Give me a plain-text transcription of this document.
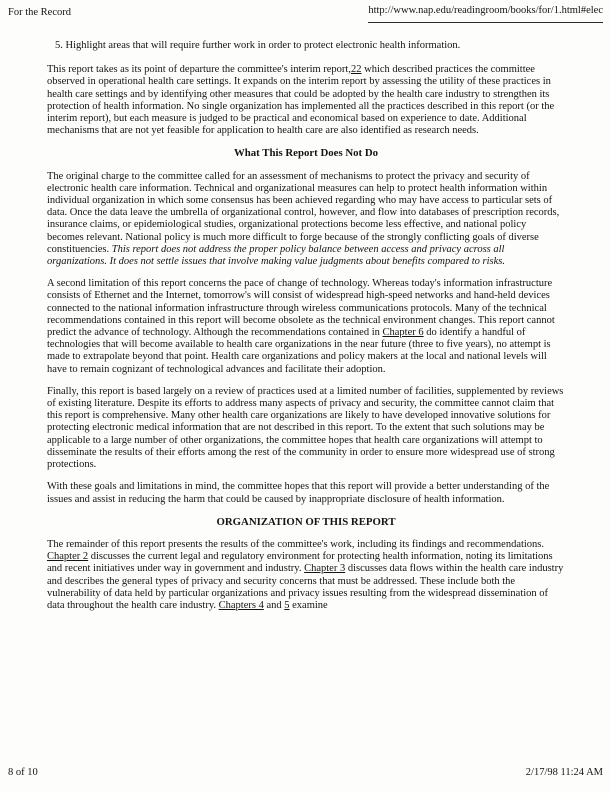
For the Record	http://www.nap.edu/readingroom/books/for/1.html#elec

5. Highlight areas that will require further work in order to protect electronic health information.

This report takes as its point of departure the committee's interim report,22 which described practices the committee observed in operational health care settings. It expands on the interim report by assessing the utility of these practices in health care settings and by identifying other measures that could be adopted by the health care industry to strengthen its protection of health information. No single organization has implemented all the practices described in this report (or the interim report), but each measure is judged to be practical and economical based on experience to date. Additional mechanisms that are not yet feasible for application to health care are also identified as research needs.

What This Report Does Not Do

The original charge to the committee called for an assessment of mechanisms to protect the privacy and security of electronic health care information. Technical and organizational measures can help to protect health information within individual organization in which some consensus has been achieved regarding who may have access to particular sets of data. Once the data leave the umbrella of organizational control, however, and flow into databases of prescription records, insurance claims, or epidemiological studies, organizational protections become less effective, and national policy becomes relevant. National policy is much more difficult to forge because of the strongly conflicting goals of diverse constituencies. This report does not address the proper policy balance between access and privacy across all organizations. It does not settle issues that involve making value judgments about benefits compared to risks.

A second limitation of this report concerns the pace of change of technology. Whereas today's information infrastructure consists of Ethernet and the Internet, tomorrow's will consist of widespread high-speed networks and hand-held devices connected to the national information infrastructure through wireless communications protocols. Many of the technical recommendations contained in this report will become obsolete as the technical environment changes. This report cannot predict the advance of technology. Although the recommendations contained in Chapter 6 do identify a handful of technologies that will become available to health care organizations in the near future (three to five years), no attempt is made to extrapolate beyond that point. Health care organizations and policy makers at the local and national levels will have to remain cognizant of technological advances and facilitate their adoption.

Finally, this report is based largely on a review of practices used at a limited number of facilities, supplemented by reviews of existing literature. Despite its efforts to address many aspects of privacy and security, the committee cannot claim that this report is comprehensive. Many other health care organizations are likely to have developed innovative solutions for protecting electronic medical information that are not described in this report. To the extent that such solutions may be applicable to a large number of other organizations, the committee hopes that health care organizations will attempt to disseminate the results of their efforts among the rest of the community in order to ensure more widespread use of strong protections.

With these goals and limitations in mind, the committee hopes that this report will provide a better understanding of the issues and assist in reducing the harm that could be caused by inappropriate disclosure of health information.

ORGANIZATION OF THIS REPORT

The remainder of this report presents the results of the committee's work, including its findings and recommendations. Chapter 2 discusses the current legal and regulatory environment for protecting health information, noting its limitations and recent initiatives under way in government and industry. Chapter 3 discusses data flows within the health care industry and describes the general types of privacy and security concerns that must be addressed. These include both the vulnerability of data held by particular organizations and privacy issues resulting from the widespread dissemination of data throughout the health care industry. Chapters 4 and 5 examine

8 of 10	2/17/98 11:24 AM
